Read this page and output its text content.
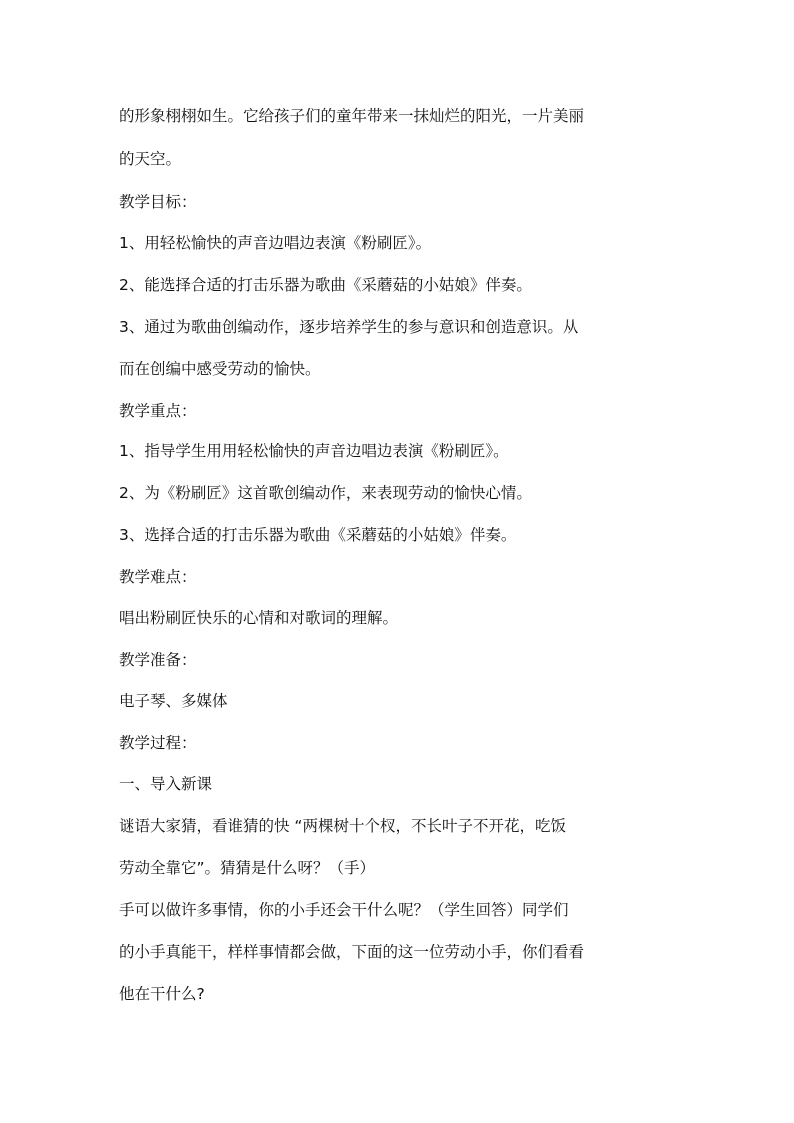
的形象栩栩如生。它给孩子们的童年带来一抹灿烂的阳光，一片美丽
的天空。
教学目标：
1、用轻松愉快的声音边唱边表演《粉刷匠》。
2、能选择合适的打击乐器为歌曲《采蘑菇的小姑娘》伴奏。
3、通过为歌曲创编动作，逐步培养学生的参与意识和创造意识。从
而在创编中感受劳动的愉快。
教学重点：
1、指导学生用用轻松愉快的声音边唱边表演《粉刷匠》。
2、为《粉刷匠》这首歌创编动作，来表现劳动的愉快心情。
3、选择合适的打击乐器为歌曲《采蘑菇的小姑娘》伴奏。
教学难点：
唱出粉刷匠快乐的心情和对歌词的理解。
教学准备：
电子琴、多媒体
教学过程：
一、导入新课
谜语大家猜，看谁猜的快 “两棵树十个杈，不长叶子不开花，吃饭
劳动全靠它”。猜猜是什么呀？（手）
手可以做许多事情，你的小手还会干什么呢？（学生回答）同学们
的小手真能干，样样事情都会做，下面的这一位劳动小手，你们看看
他在干什么?
